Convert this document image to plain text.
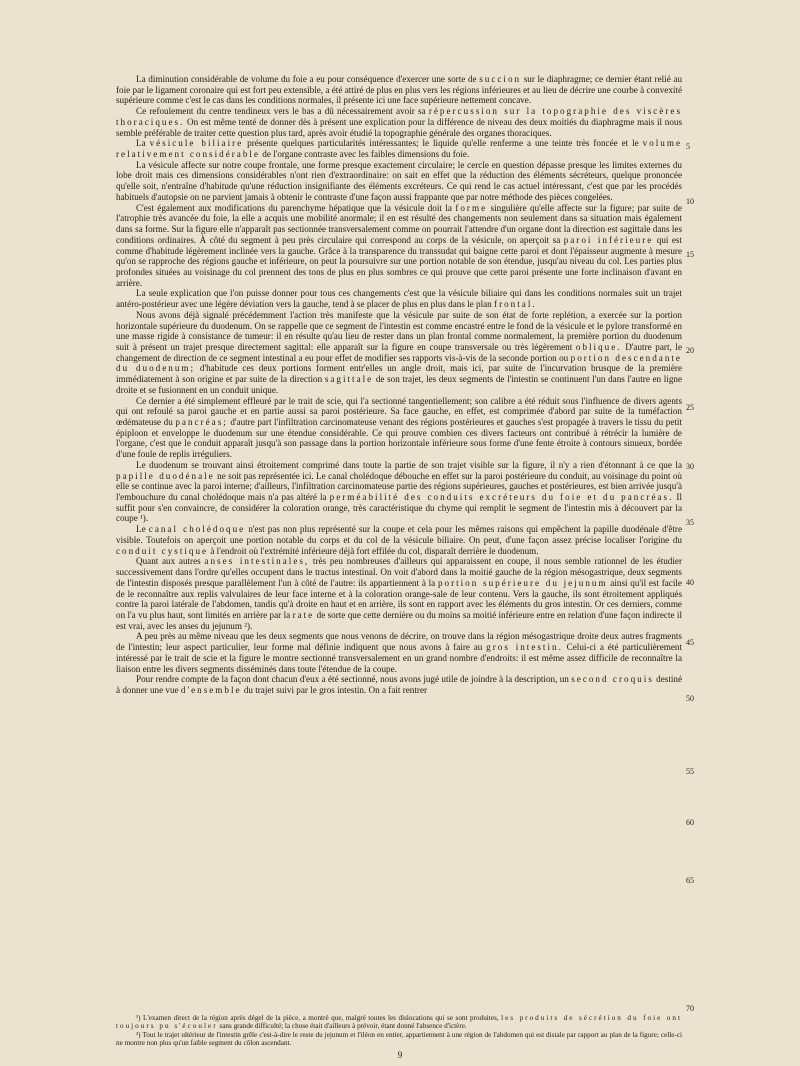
La diminution considérable de volume du foie a eu pour conséquence d'exercer une sorte de succion sur le diaphragme; ce dernier étant relié au foie par le ligament coronaire qui est fort peu extensible, a été attiré de plus en plus vers les régions inférieures et au lieu de décrire une courbe à convexité supérieure comme c'est le cas dans les conditions normales, il présente ici une face supérieure nettement concave.

Ce refoulement du centre tendineux vers le bas a dû nécessairement avoir sa répercussion sur la topographie des viscères thoraciques. On est même tenté de donner dès à présent une explication pour la différence de niveau des deux moitiés du diaphragme mais il nous semble préférable de traiter cette question plus tard, après avoir étudié la topographie générale des organes thoraciques.

La vésicule biliaire présente quelques particularités intéressantes; le liquide qu'elle renferme a une teinte très foncée et le volume relativement considérable de l'organe contraste avec les faibles dimensions du foie.

La vésicule affecte sur notre coupe frontale, une forme presque exactement circulaire; le cercle en question dépasse presque les limites externes du lobe droit mais ces dimensions considérables n'ont rien d'extraordinaire: on sait en effet que la réduction des éléments sécréteurs, quelque prononcée qu'elle soit, n'entraîne d'habitude qu'une réduction insignifiante des éléments excréteurs. Ce qui rend le cas actuel intéressant, c'est que par les procédés habituels d'autopsie on ne parvient jamais à obtenir le contraste d'une façon aussi frappante que par notre méthode des pièces congelées.

C'est également aux modifications du parenchyme hépatique que la vésicule doit la forme singulière qu'elle affecte sur la figure; par suite de l'atrophie très avancée du foie, la elle a acquis une mobilité anormale; il en est résulté des changements non seulement dans sa situation mais également dans sa forme. Sur la figure elle n'apparaît pas sectionnée transversalement comme on pourrait l'attendre d'un organe dont la direction est sagittale dans les conditions ordinaires. À côté du segment à peu près circulaire qui correspond au corps de la vésicule, on aperçoit sa paroi inférieure qui est comme d'habitude légèrement inclinée vers la gauche. Grâce à la transparence du transsudat qui baigne cette paroi et dont l'épaisseur augmente à mesure qu'on se rapproche des régions gauche et inférieure, on peut la poursuivre sur une portion notable de son étendue, jusqu'au niveau du col. Les parties plus profondes situées au voisinage du col prennent des tons de plus en plus sombres ce qui prouve que cette paroi présente une forte inclinaison d'avant en arrière.

La seule explication que l'on puisse donner pour tous ces changements c'est que la vésicule biliaire qui dans les conditions normales suit un trajet antéro-postérieur avec une légère déviation vers la gauche, tend à se placer de plus en plus dans le plan frontal.

Nous avons déjà signalé précédemment l'action très manifeste que la vésicule par suite de son état de forte replétion, a exercée sur la portion horizontale supérieure du duodenum. On se rappelle que ce segment de l'intestin est comme encastré entre le fond de la vésicule et le pylore transformé en une masse rigide à consistance de tumeur: il en résulte qu'au lieu de rester dans un plan frontal comme normalement, la première portion du duodenum suit à présent un trajet presque directement sagittal: elle apparaît sur la figure en coupe transversale ou très légèrement oblique. D'autre part, le changement de direction de ce segment intestinal a eu pour effet de modifier ses rapports vis-à-vis de la seconde portion ou portion descendante du duodenum; d'habitude ces deux portions forment entr'elles un angle droit, mais ici, par suite de l'incurvation brusque de la première immédiatement à son origine et par suite de la direction sagittale de son trajet, les deux segments de l'intestin se continuent l'un dans l'autre en ligne droite et se fusionnent en un conduit unique.

Ce dernier a été simplement effleuré par le trait de scie, qui l'a sectionné tangentiellement; son calibre a été réduit sous l'influence de divers agents qui ont refoulé sa paroi gauche et en partie aussi sa paroi postérieure. Sa face gauche, en effet, est comprimée d'abord par suite de la tuméfaction œdémateuse du pancréas; d'autre part l'infiltration carcinomateuse venant des régions postérieures et gauches s'est propagée à travers le tissu du petit épiploon et enveloppe le duodenum sur une étendue considérable. Ce qui prouve combien ces divers facteurs ont contribué à rétrécir la lumière de l'organe, c'est que le conduit apparaît jusqu'à son passage dans la portion horizontale inférieure sous forme d'une fente étroite à contours sinueux, bordée d'une foule de replis irréguliers.

Le duodenum se trouvant ainsi étroitement comprimé dans toute la partie de son trajet visible sur la figure, il n'y a rien d'étonnant à ce que la papille duodénale ne soit pas représentée ici. Le canal cholédoque débouche en effet sur la paroi postérieure du conduit, au voisinage du point où elle se continue avec la paroi interne; d'ailleurs, l'infiltration carcinomateuse partie des régions supérieures, gauches et postérieures, est bien arrivée jusqu'à l'embouchure du canal cholédoque mais n'a pas altéré la perméabilité des conduits excréteurs du foie et du pancréas. Il suffit pour s'en convaincre, de considérer la coloration orange, très caractéristique du chyme qui remplit le segment de l'intestin mis à découvert par la coupe ¹).

Le canal cholédoque n'est pas non plus représenté sur la coupe et cela pour les mêmes raisons qui empêchent la papille duodénale d'être visible. Toutefois on aperçoit une portion notable du corps et du col de la vésicule biliaire. On peut, d'une façon assez précise localiser l'origine du conduit cystique à l'endroit où l'extrémité inférieure déjà fort effilée du col, disparaît derrière le duodenum.

Quant aux autres anses intestinales, très peu nombreuses d'ailleurs qui apparaissent en coupe, il nous semble rationnel de les étudier successivement dans l'ordre qu'elles occupent dans le tractus intestinal. On voit d'abord dans la moitié gauche de la région mésogastrique, deux segments de l'intestin disposés presque parallèlement l'un à côté de l'autre: ils appartiennent à la portion supérieure du jejunum ainsi qu'il est facile de le reconnaître aux replis valvulaires de leur face interne et à la coloration orange-sale de leur contenu. Vers la gauche, ils sont étroitement appliqués contre la paroi latérale de l'abdomen, tandis qu'à droite en haut et en arrière, ils sont en rapport avec les éléments du gros intestin. Or ces derniers, comme on l'a vu plus haut, sont limités en arrière par la rate de sorte que cette dernière ou du moins sa moitié inférieure entre en relation d'une façon indirecte il est vrai, avec les anses du jejunum ²).

A peu près au même niveau que les deux segments que nous venons de décrire, on trouve dans la région mésogastrique droite deux autres fragments de l'intestin; leur aspect particulier, leur forme mal définie indiquent que nous avons à faire au gros intestin. Celui-ci a été particulièrement intéressé par le trait de scie et la figure le montre sectionné transversalement en un grand nombre d'endroits: il est même assez difficile de reconnaître la liaison entre les divers segments disséminés dans toute l'étendue de la coupe.

Pour rendre compte de la façon dont chacun d'eux a été sectionné, nous avons jugé utile de joindre à la description, un second croquis destiné à donner une vue d'ensemble du trajet suivi par le gros intestin. On a fait rentrer

5
10
15
20
25
30
35
40
45
50
55
60
65
70

¹) L'examen direct de la région après dégel de la pièce, a montré que, malgré toutes les dislocations qui se sont produites, les produits de sécrétion du foie ont toujours pu s'écouler sans grande difficulté; la chose était d'ailleurs à prévoir, étant donné l'absence d'ictère.

²) Tout le trajet ultérieur de l'intestin grêle c'est-à-dire le reste du jejunum et l'iléon en entier, appartiennent à une région de l'abdomen qui est distale par rapport au plan de la figure; celle-ci ne montre non plus qu'un faible segment du côlon ascendant.

9
